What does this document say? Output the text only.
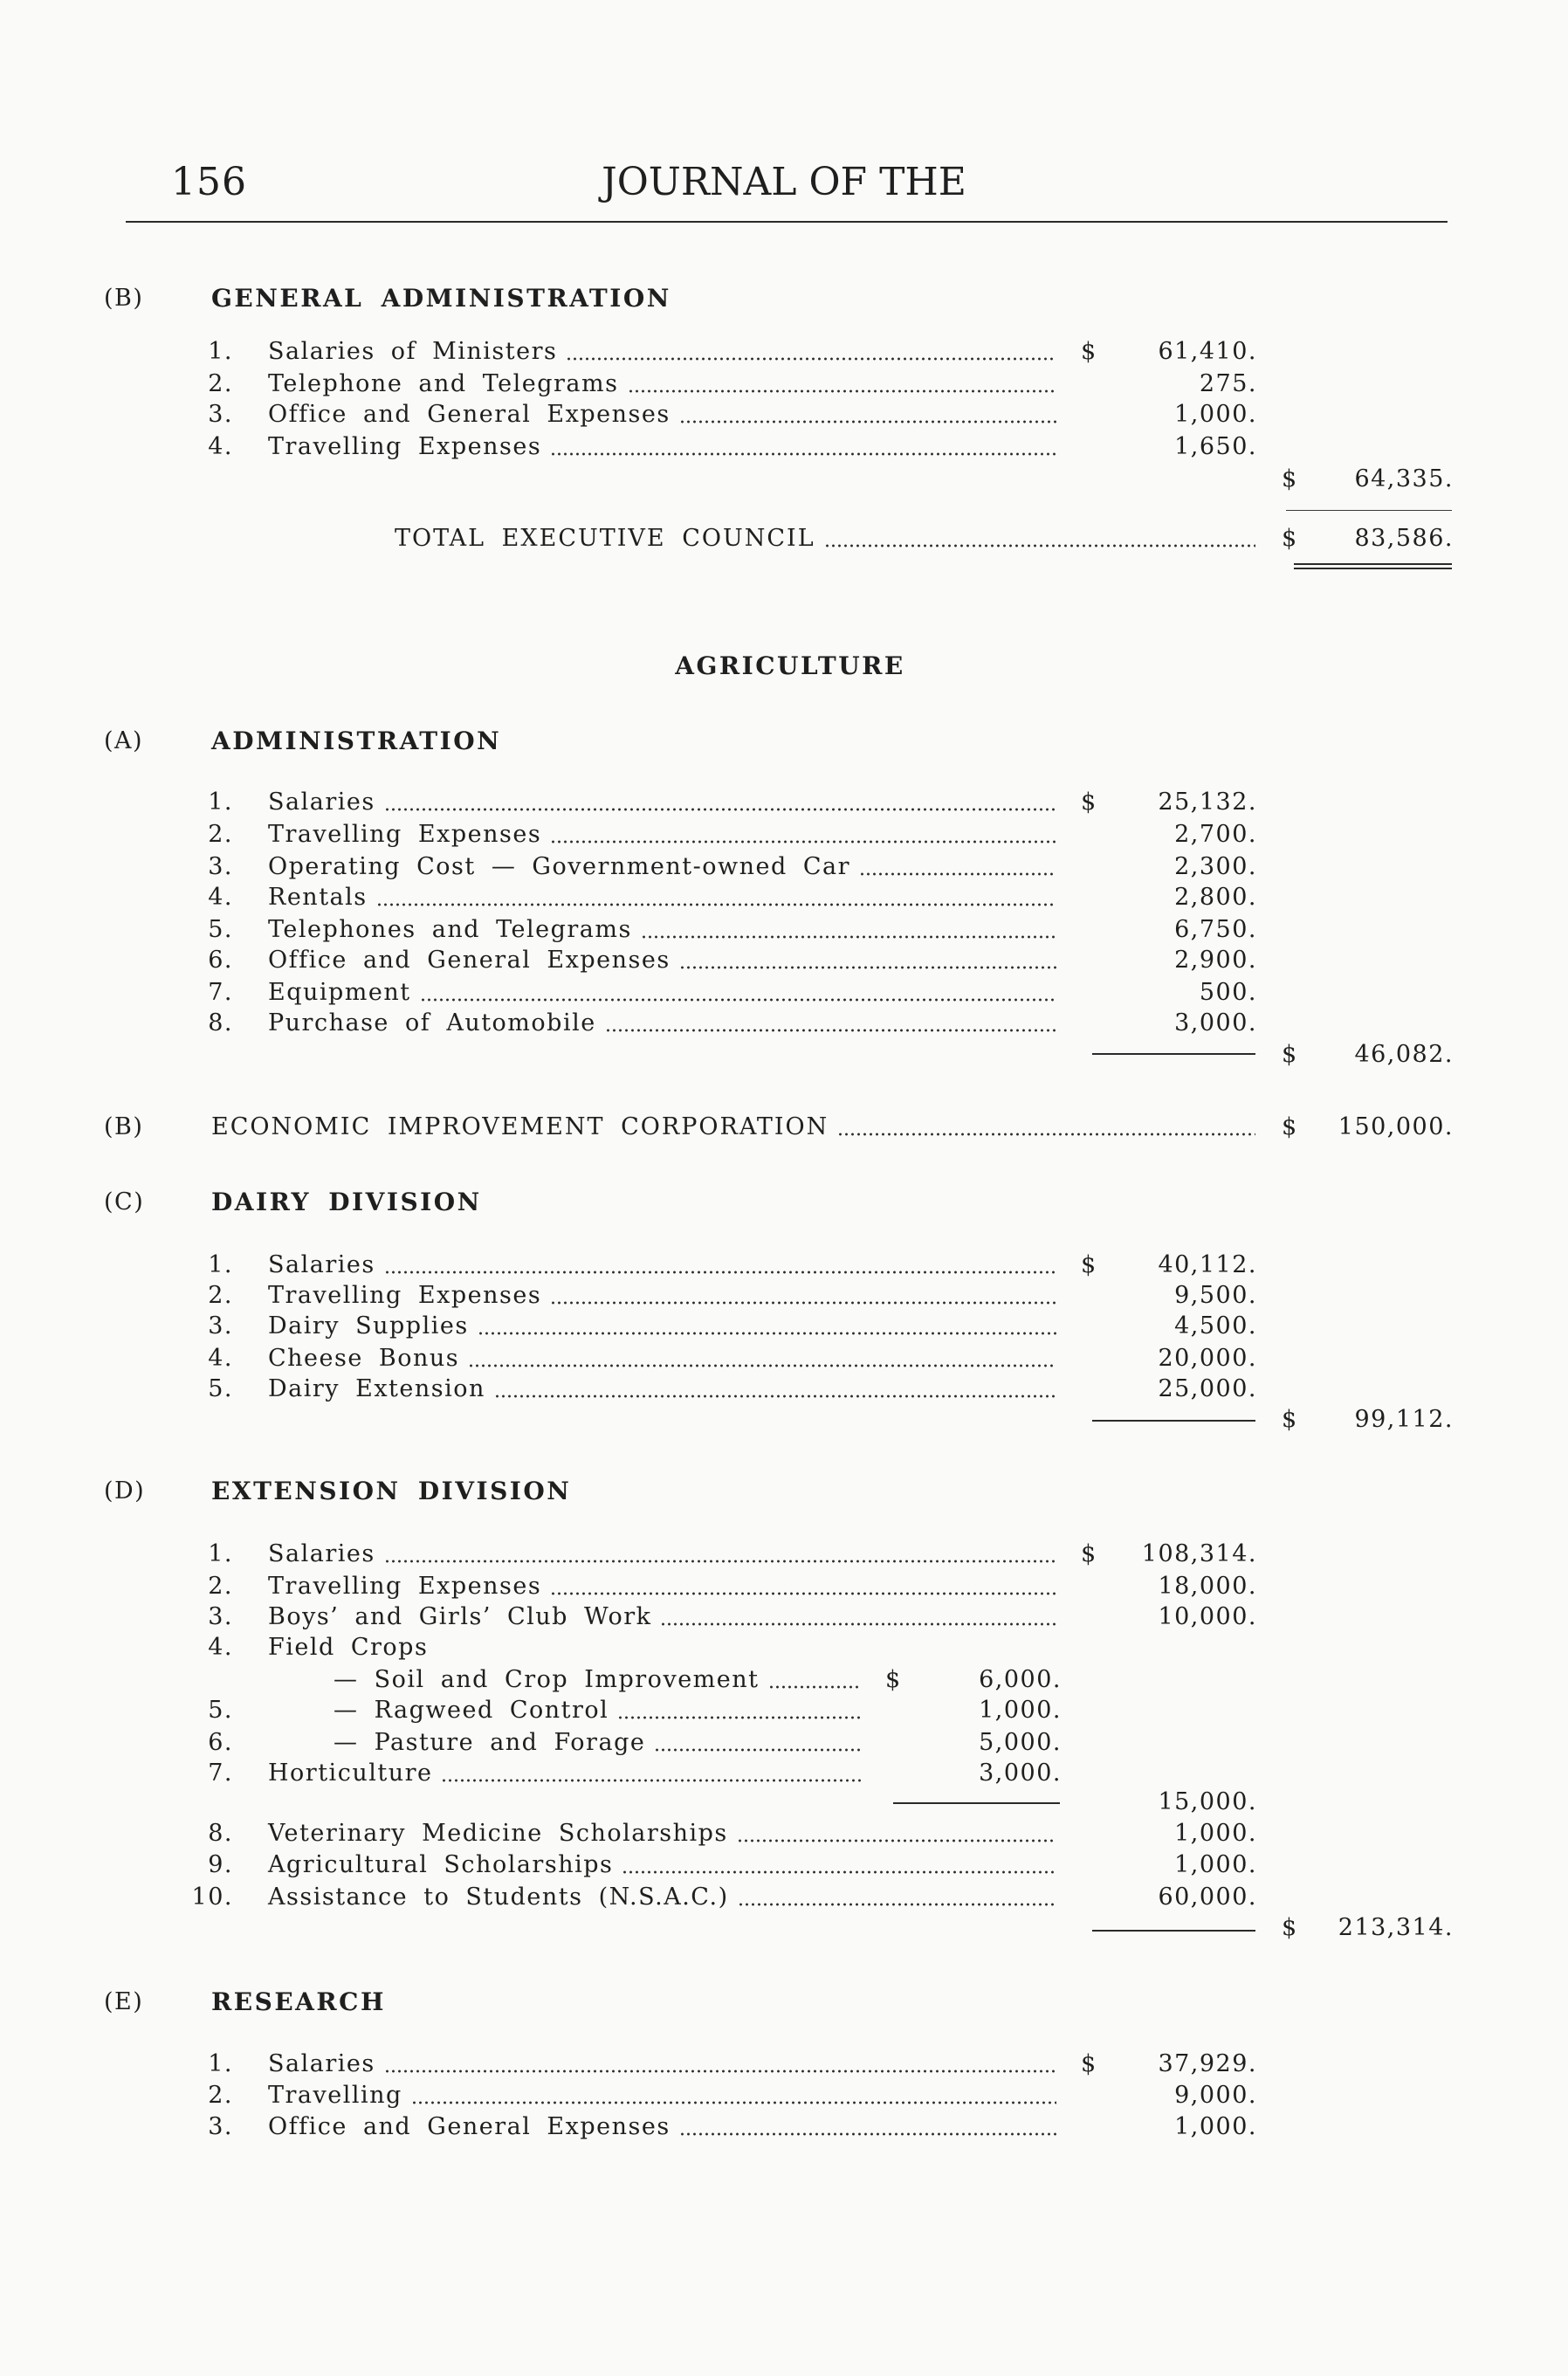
JOURNAL OF THE
156
(B)	GENERAL ADMINISTRATION
1. Salaries of Ministers	$	61,410.
2. Telephone and Telegrams	275.
3. Office and General Expenses	1,000.
4. Travelling Expenses	1,650.
$	64,335.
TOTAL EXECUTIVE COUNCIL	$	83,586.
AGRICULTURE
(A)	ADMINISTRATION
1. Salaries	$	25,132.
2. Travelling Expenses	2,700.
3. Operating Cost — Government-owned Car	2,300.
4. Rentals	2,800.
5. Telephones and Telegrams	6,750.
6. Office and General Expenses	2,900.
7. Equipment	500.
8. Purchase of Automobile	3,000.
$	46,082.
(B)	ECONOMIC IMPROVEMENT CORPORATION	$	150,000.
(C)	DAIRY DIVISION
1. Salaries	$	40,112.
2. Travelling Expenses	9,500.
3. Dairy Supplies	4,500.
4. Cheese Bonus	20,000.
5. Dairy Extension	25,000.
$	99,112.
(D)	EXTENSION DIVISION
1. Salaries	$	108,314.
2. Travelling Expenses	18,000.
3. Boys’ and Girls’ Club Work	10,000.
4. Field Crops
— Soil and Crop Improvement	$	6,000.
5.	— Ragweed Control	1,000.
6.	— Pasture and Forage	5,000.
7. Horticulture	3,000.
15,000.
8. Veterinary Medicine Scholarships	1,000.
9. Agricultural Scholarships	1,000.
10. Assistance to Students (N.S.A.C.)	60,000.
$	213,314.
(E)	RESEARCH
1. Salaries	$	37,929.
2. Travelling	9,000.
3. Office and General Expenses	1,000.
